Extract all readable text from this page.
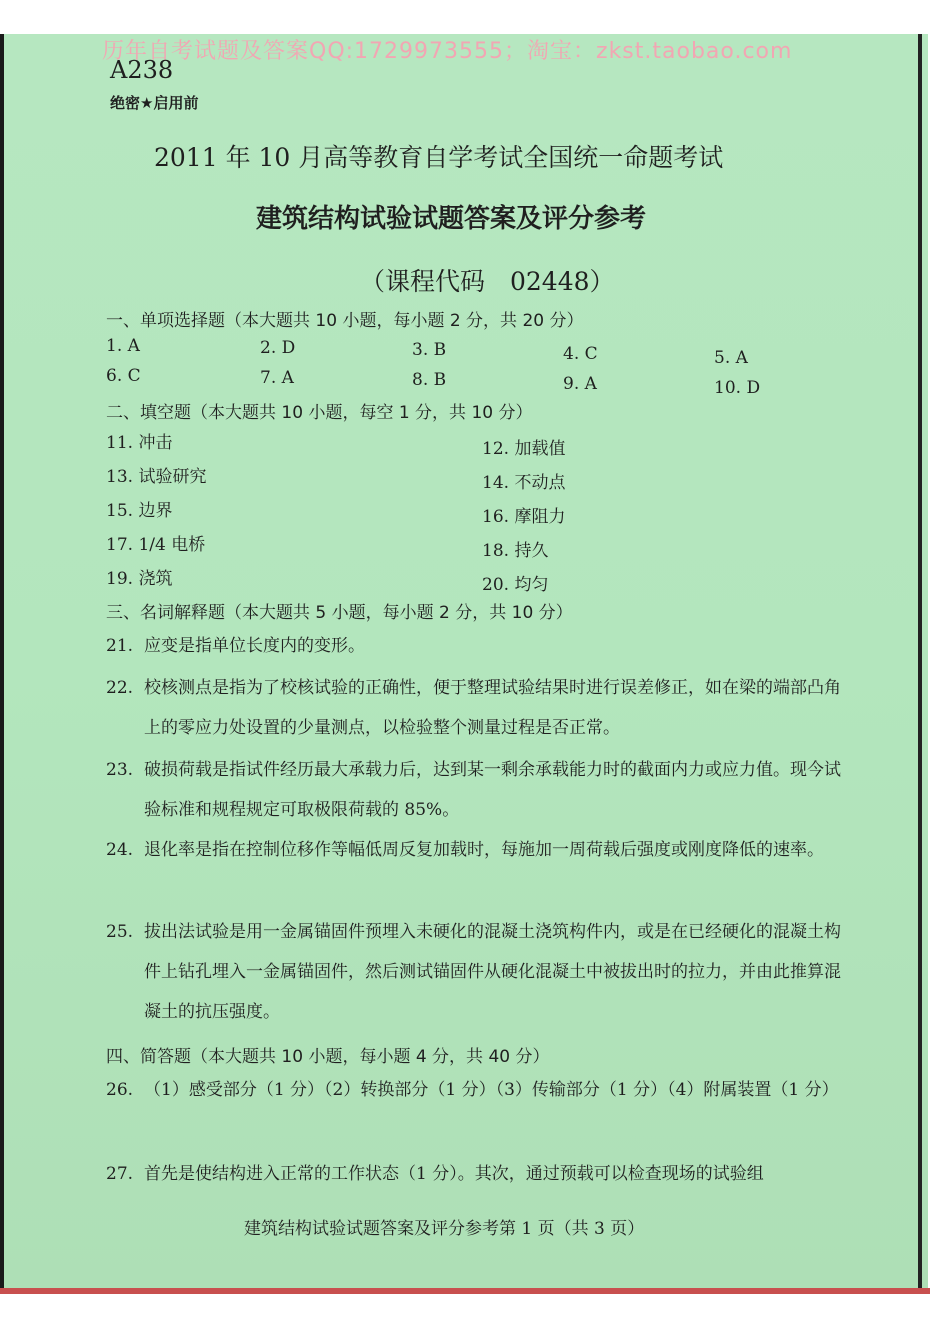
历年自考试题及答案QQ:1729973555；淘宝：zkst.taobao.com
A238
绝密★启用前
2011 年 10 月高等教育自学考试全国统一命题考试
建筑结构试验试题答案及评分参考
（课程代码　02448）
一、单项选择题（本大题共 10 小题，每小题 2 分，共 20 分）
1. A	2. D	3. B	4. C	5. A
6. C	7. A	8. B	9. A	10. D
二、填空题（本大题共 10 小题，每空 1 分，共 10 分）
11. 冲击	12. 加载值
13. 试验研究	14. 不动点
15. 边界	16. 摩阻力
17. 1/4 电桥	18. 持久
19. 浇筑	20. 均匀
三、名词解释题（本大题共 5 小题，每小题 2 分，共 10 分）
21. 应变是指单位长度内的变形。
22. 校核测点是指为了校核试验的正确性，便于整理试验结果时进行误差修正，如在梁的端部凸角上的零应力处设置的少量测点，以检验整个测量过程是否正常。
23. 破损荷载是指试件经历最大承载力后，达到某一剩余承载能力时的截面内力或应力值。现今试验标准和规程规定可取极限荷载的 85%。
24. 退化率是指在控制位移作等幅低周反复加载时，每施加一周荷载后强度或刚度降低的速率。
25. 拔出法试验是用一金属锚固件预埋入未硬化的混凝土浇筑构件内，或是在已经硬化的混凝土构件上钻孔埋入一金属锚固件，然后测试锚固件从硬化混凝土中被拔出时的拉力，并由此推算混凝土的抗压强度。
四、简答题（本大题共 10 小题，每小题 4 分，共 40 分）
26. （1）感受部分（1 分）（2）转换部分（1 分）（3）传输部分（1 分）（4）附属装置（1 分）
27. 首先是使结构进入正常的工作状态（1 分）。其次，通过预载可以检查现场的试验组
建筑结构试验试题答案及评分参考第 1 页（共 3 页）
